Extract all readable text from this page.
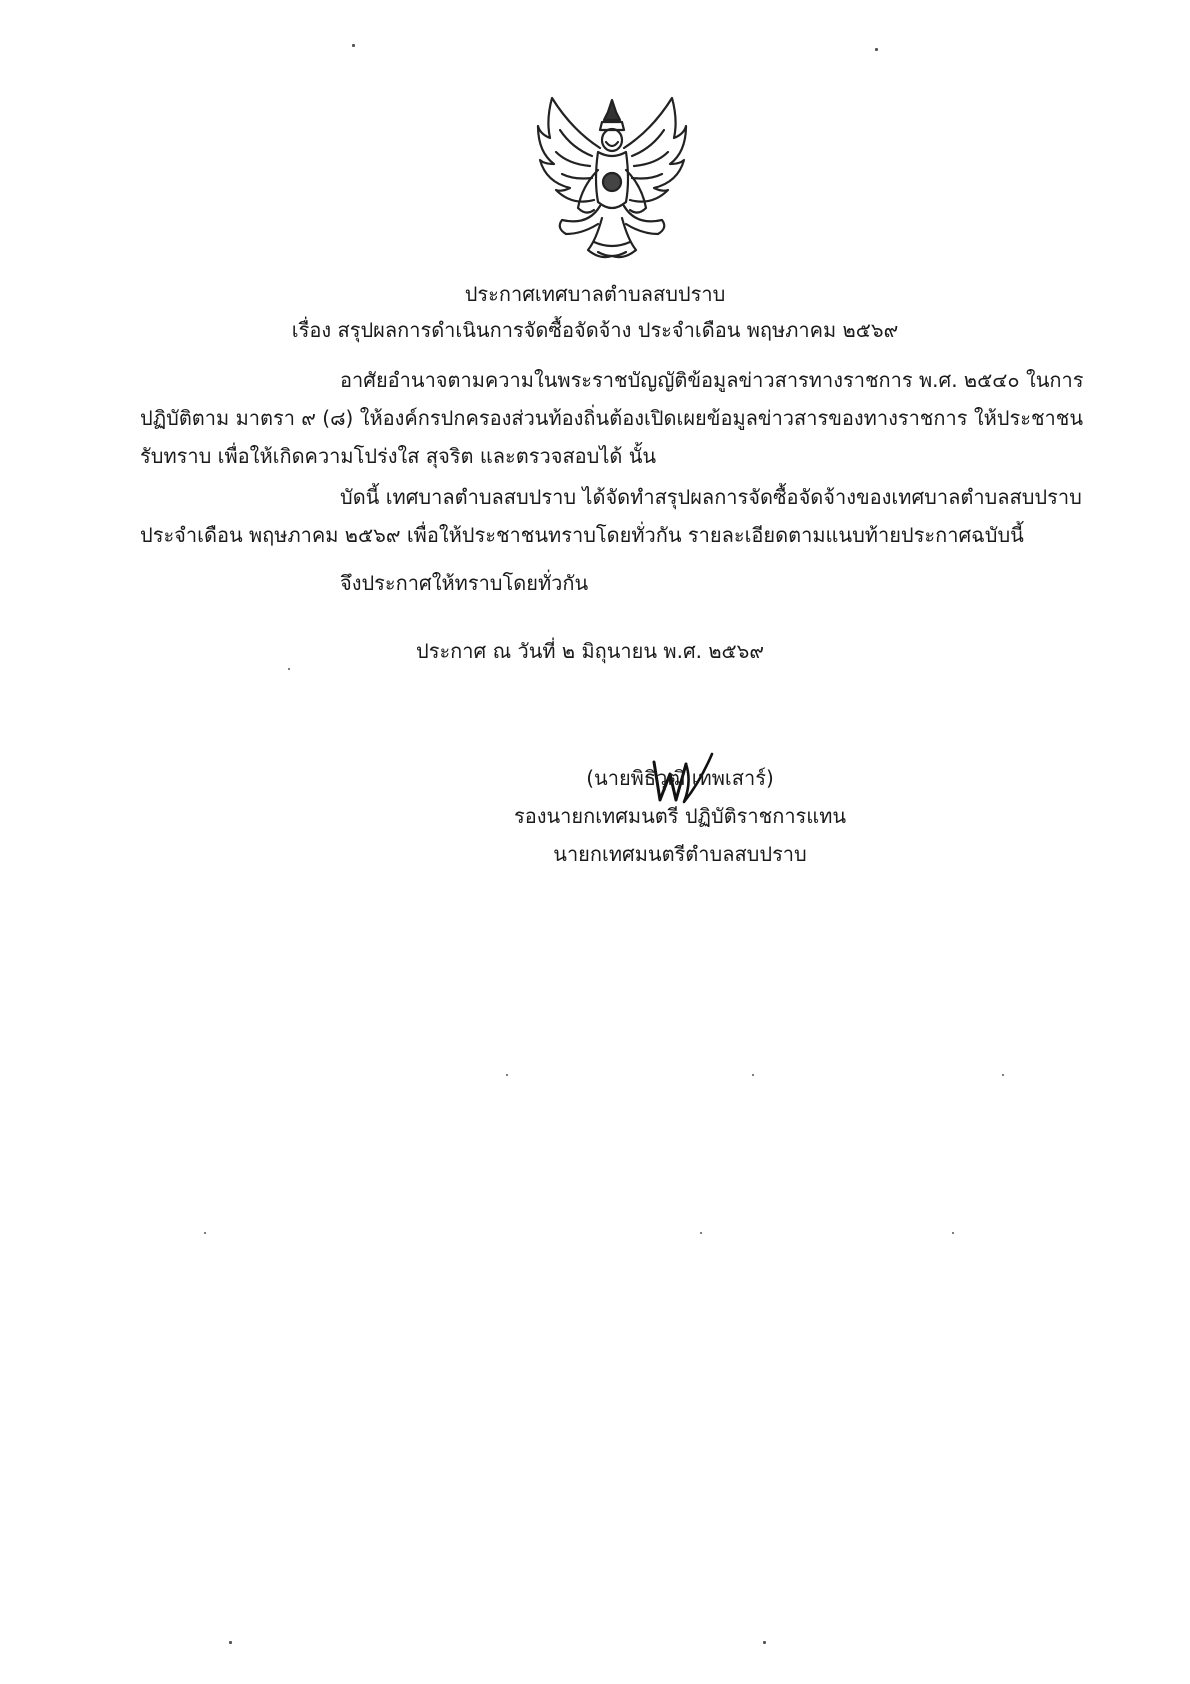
ประกาศเทศบาลตำบลสบปราบ
เรื่อง สรุปผลการดำเนินการจัดซื้อจัดจ้าง ประจำเดือน พฤษภาคม ๒๕๖๙
อาศัยอำนาจตามความในพระราชบัญญัติข้อมูลข่าวสารทางราชการ พ.ศ. ๒๕๔๐ ในการ
ปฏิบัติตาม มาตรา ๙ (๘) ให้องค์กรปกครองส่วนท้องถิ่นต้องเปิดเผยข้อมูลข่าวสารของทางราชการ ให้ประชาชน
รับทราบ เพื่อให้เกิดความโปร่งใส สุจริต และตรวจสอบได้ นั้น
บัดนี้ เทศบาลตำบลสบปราบ ได้จัดทำสรุปผลการจัดซื้อจัดจ้างของเทศบาลตำบลสบปราบ
ประจำเดือน พฤษภาคม ๒๕๖๙ เพื่อให้ประชาชนทราบโดยทั่วกัน รายละเอียดตามแนบท้ายประกาศฉบับนี้
จึงประกาศให้ทราบโดยทั่วกัน
ประกาศ ณ วันที่ ๒ มิถุนายน พ.ศ. ๒๕๖๙
(นายพิธิวุฒิ เทพเสาร์)
รองนายกเทศมนตรี ปฏิบัติราชการแทน
นายกเทศมนตรีตำบลสบปราบ
